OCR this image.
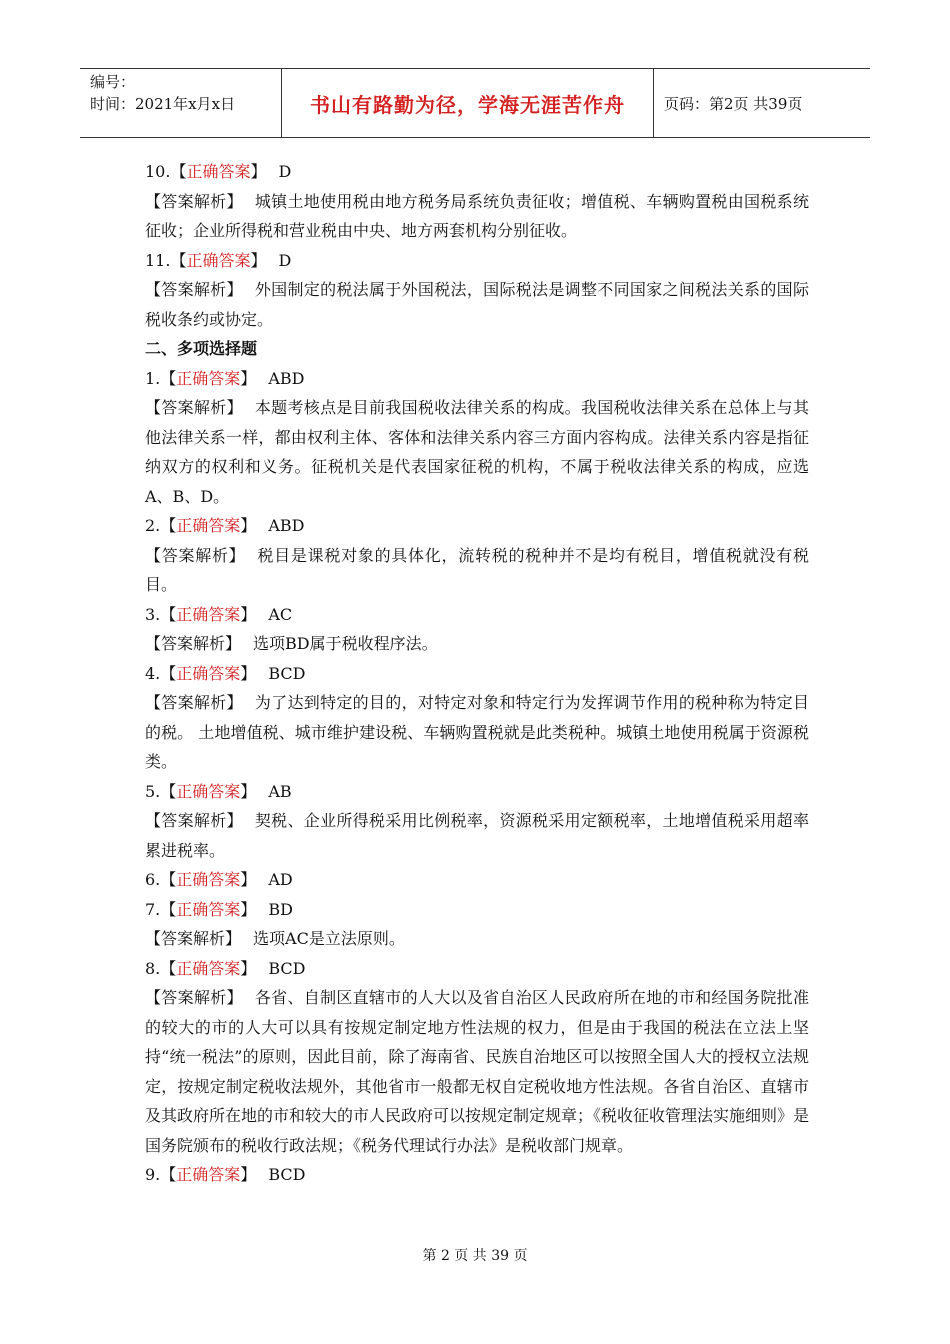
编号：
时间：2021年x月x日	书山有路勤为径，学海无涯苦作舟	页码：第2页 共39页
10.【正确答案】 D
【答案解析】 城镇土地使用税由地方税务局系统负责征收；增值税、车辆购置税由国税系统征收；企业所得税和营业税由中央、地方两套机构分别征收。
11.【正确答案】 D
【答案解析】 外国制定的税法属于外国税法，国际税法是调整不同国家之间税法关系的国际税收条约或协定。
二、多项选择题
1.【正确答案】 ABD
【答案解析】 本题考核点是目前我国税收法律关系的构成。我国税收法律关系在总体上与其他法律关系一样，都由权利主体、客体和法律关系内容三方面内容构成。法律关系内容是指征纳双方的权利和义务。征税机关是代表国家征税的机构，不属于税收法律关系的构成，应选A、B、D。
2.【正确答案】 ABD
【答案解析】 税目是课税对象的具体化，流转税的税种并不是均有税目，增值税就没有税目。
3.【正确答案】 AC
【答案解析】 选项BD属于税收程序法。
4.【正确答案】 BCD
【答案解析】 为了达到特定的目的，对特定对象和特定行为发挥调节作用的税种称为特定目的税。 土地增值税、城市维护建设税、车辆购置税就是此类税种。城镇土地使用税属于资源税类。
5.【正确答案】 AB
【答案解析】 契税、企业所得税采用比例税率，资源税采用定额税率，土地增值税采用超率累进税率。
6.【正确答案】 AD
7.【正确答案】 BD
【答案解析】 选项AC是立法原则。
8.【正确答案】 BCD
【答案解析】 各省、自制区直辖市的人大以及省自治区人民政府所在地的市和经国务院批准的较大的市的人大可以具有按规定制定地方性法规的权力，但是由于我国的税法在立法上坚持“统一税法”的原则，因此目前，除了海南省、民族自治地区可以按照全国人大的授权立法规定，按规定制定税收法规外，其他省市一般都无权自定税收地方性法规。各省自治区、直辖市及其政府所在地的市和较大的市人民政府可以按规定制定规章；《税收征收管理法实施细则》是国务院颁布的税收行政法规；《税务代理试行办法》是税收部门规章。
9.【正确答案】 BCD
第 2 页 共 39 页
